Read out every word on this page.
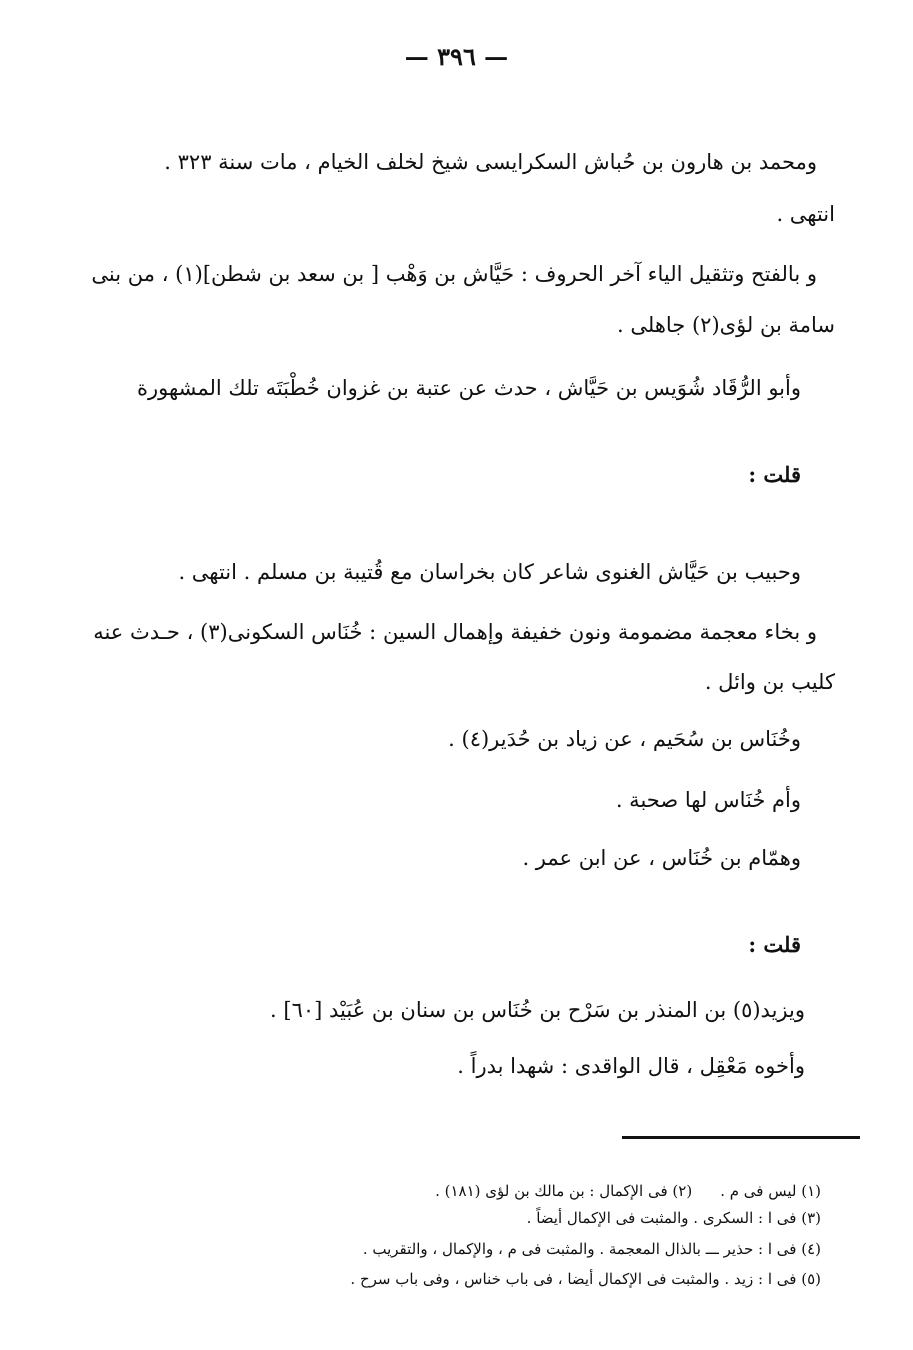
— ٣٩٦ —
ومحمد بن هارون بن حُباش السكرايسى شيخ لخلف الخيام ، مات سنة ٣٢٣ .
انتهى .
و بالفتح وتثقيل الياء آخر الحروف : حَيَّاش بن وَهْب [ بن سعد بن شطن](١) ، من بنى
سامة بن لؤى(٢) جاهلى .
وأبو الرُّقَاد شُوَيس بن حَيَّاش ، حدث عن عتبة بن غزوان خُطْبَتَه تلك المشهورة
قلت :
وحبيب بن حَيَّاش الغنوى شاعر كان بخراسان مع قُتيبة بن مسلم . انتهى .
و بخاء معجمة مضمومة ونون خفيفة وإهمال السين : خُنَاس السكونى(٣) ، حـدث عنه
كليب بن وائل .
وخُنَاس بن سُحَيم ، عن زياد بن حُدَير(٤) .
وأم خُنَاس لها صحبة .
وهمّام بن خُنَاس ، عن ابن عمر .
قلت :
ويزيد(٥) بن المنذر بن سَرْح بن خُنَاس بن سنان بن عُبَيْد [٦٠] .
وأخوه مَعْقِل ، قال الواقدى : شهدا بدراً .
(١) ليس فى م .(٢) فى الإكمال : بن مالك بن لؤى (١٨١) .
(٣) فى ا : السكرى . والمثبت فى الإكمال أيضاً .
(٤) فى ا : حذير ـــ بالذال المعجمة . والمثبت فى م ، والإكمال ، والتقريب .
(٥) فى ا : زيد . والمثبت فى الإكمال أيضا ، فى باب خناس ، وفى باب سرح .
